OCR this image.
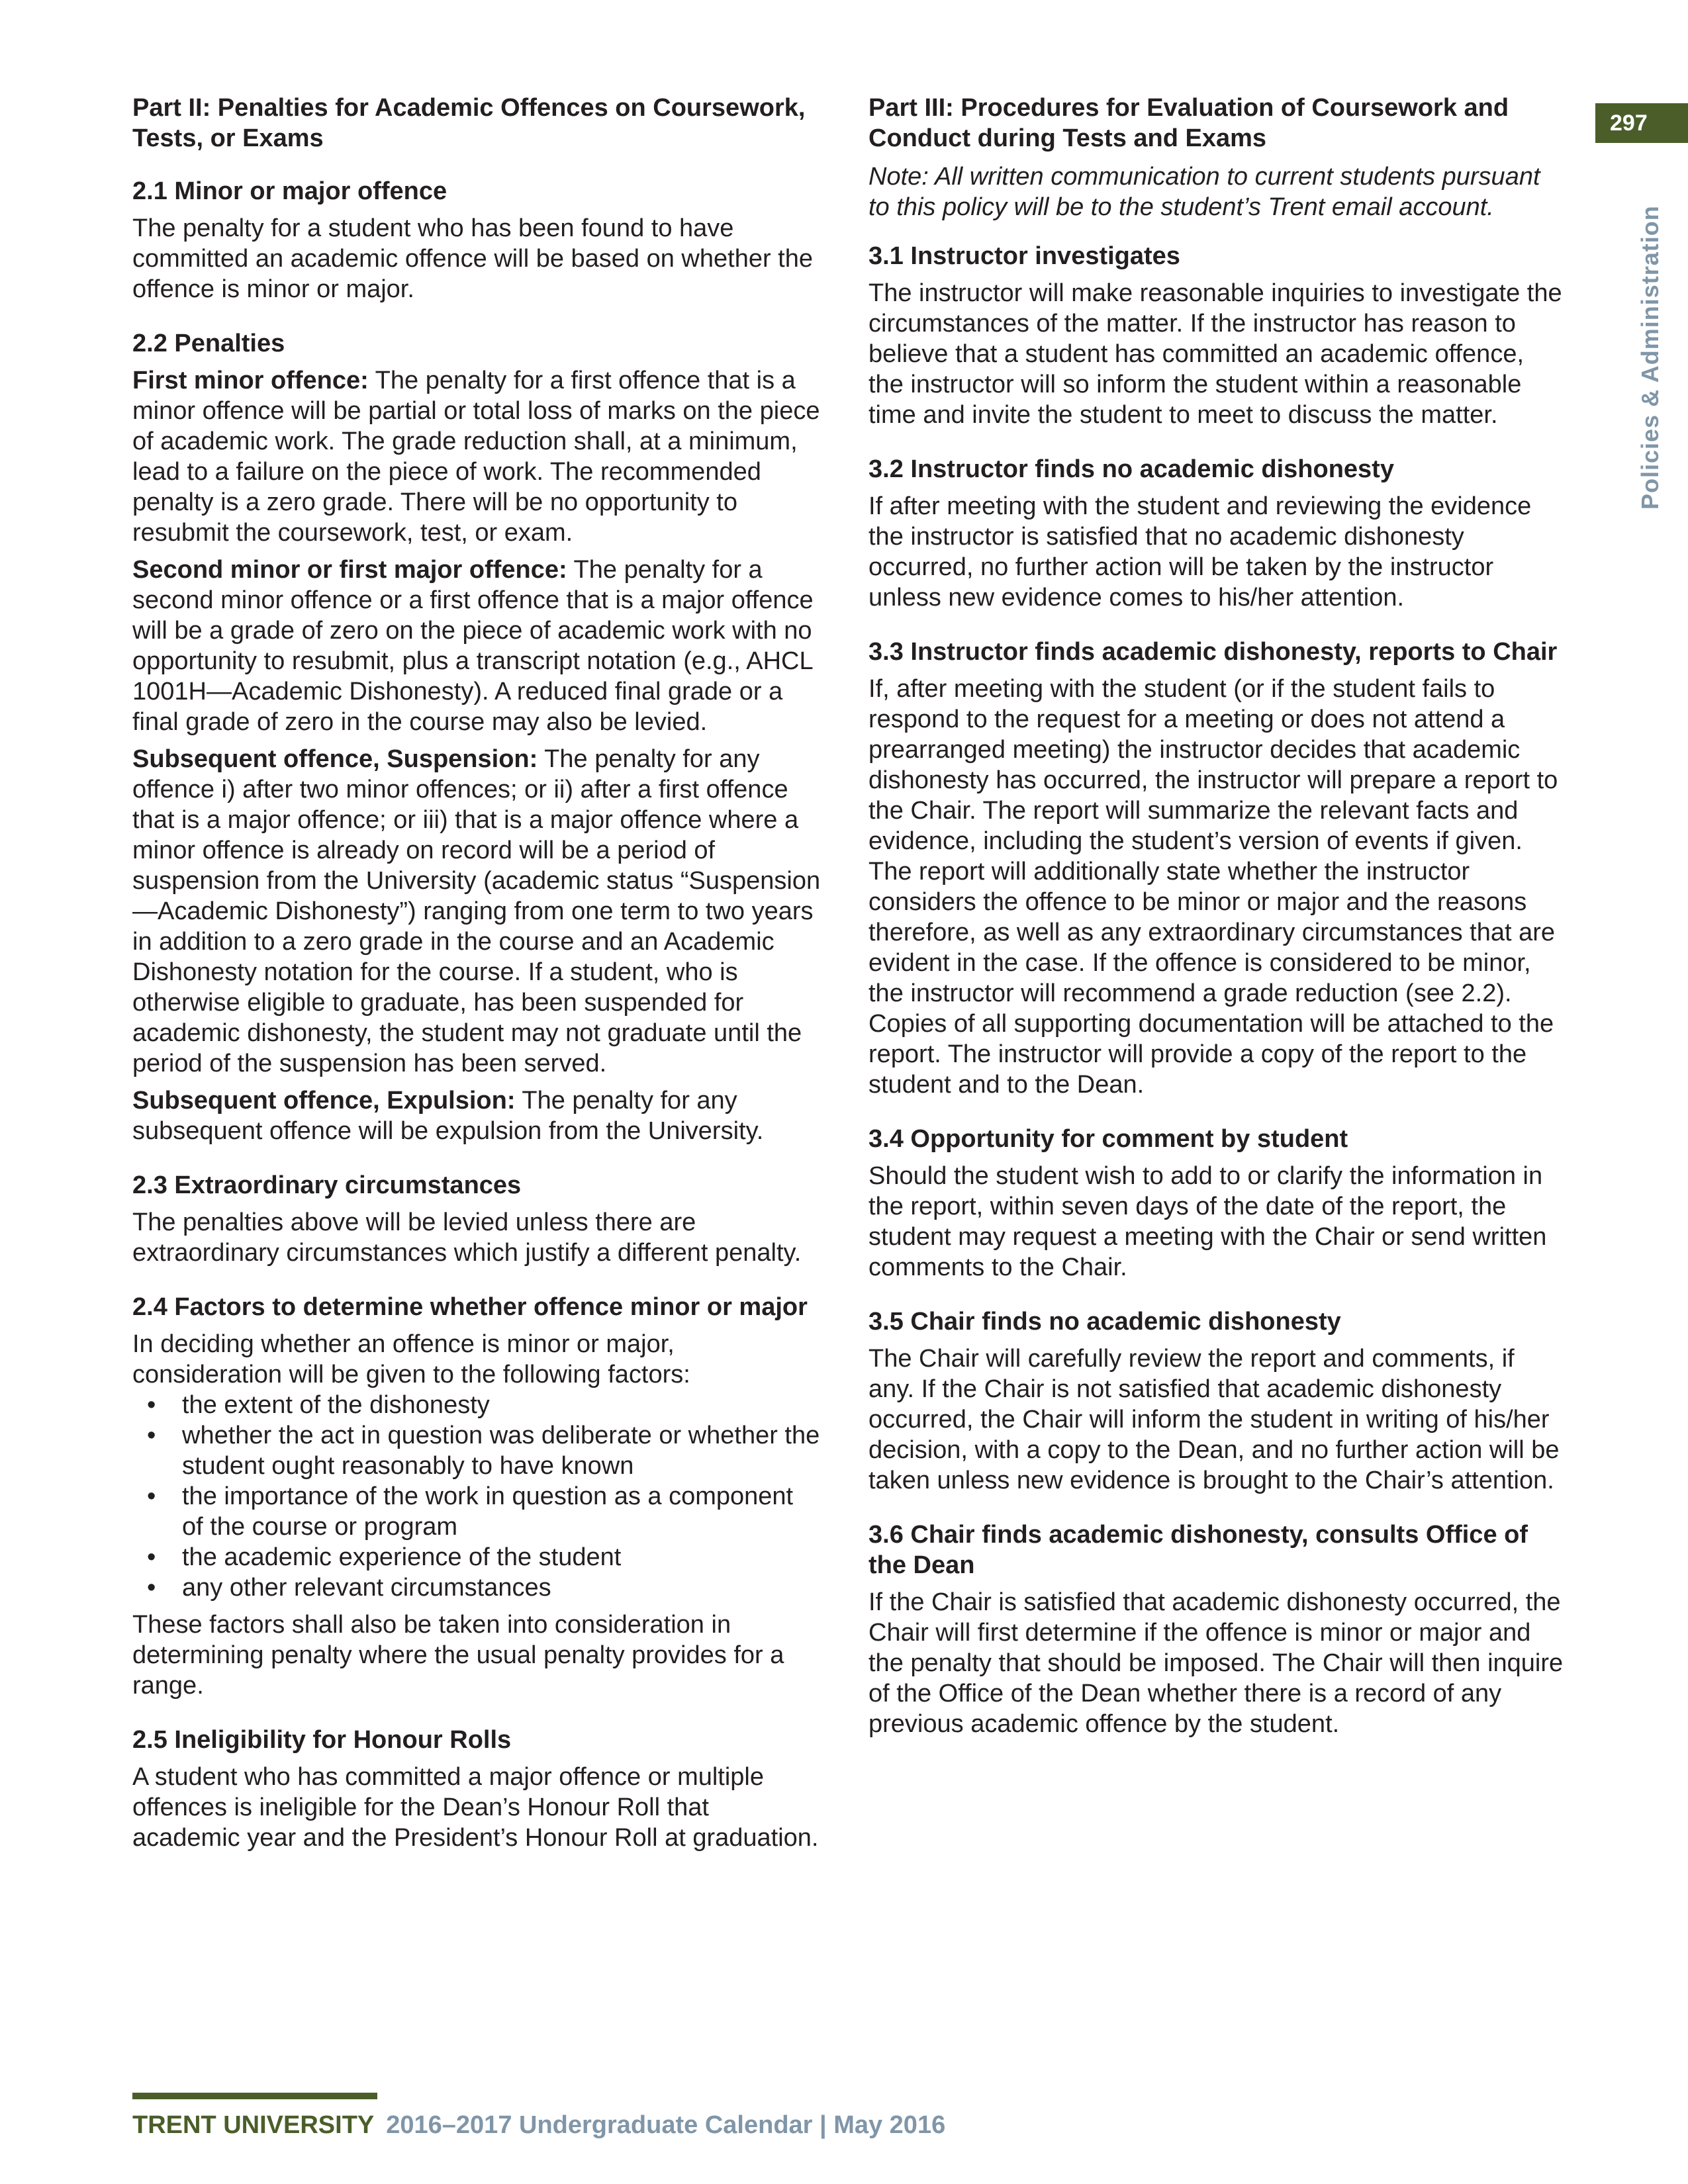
297
Policies & Administration
Part II: Penalties for Academic Offences on Coursework, Tests, or Exams
2.1 Minor or major offence
The penalty for a student who has been found to have committed an academic offence will be based on whether the offence is minor or major.
2.2 Penalties
First minor offence: The penalty for a first offence that is a minor offence will be partial or total loss of marks on the piece of academic work. The grade reduction shall, at a minimum, lead to a failure on the piece of work. The recommended penalty is a zero grade. There will be no opportunity to resubmit the coursework, test, or exam.
Second minor or first major offence: The penalty for a second minor offence or a first offence that is a major offence will be a grade of zero on the piece of academic work with no opportunity to resubmit, plus a transcript notation (e.g., AHCL 1001H—Academic Dishonesty). A reduced final grade or a final grade of zero in the course may also be levied.
Subsequent offence, Suspension: The penalty for any offence i) after two minor offences; or ii) after a first offence that is a major offence; or iii) that is a major offence where a minor offence is already on record will be a period of suspension from the University (academic status “Suspension—Academic Dishonesty”) ranging from one term to two years in addition to a zero grade in the course and an Academic Dishonesty notation for the course. If a student, who is otherwise eligible to graduate, has been suspended for academic dishonesty, the student may not graduate until the period of the suspension has been served.
Subsequent offence, Expulsion: The penalty for any subsequent offence will be expulsion from the University.
2.3 Extraordinary circumstances
The penalties above will be levied unless there are extraordinary circumstances which justify a different penalty.
2.4 Factors to determine whether offence minor or major
In deciding whether an offence is minor or major, consideration will be given to the following factors:
• the extent of the dishonesty
• whether the act in question was deliberate or whether the student ought reasonably to have known
• the importance of the work in question as a component of the course or program
• the academic experience of the student
• any other relevant circumstances
These factors shall also be taken into consideration in determining penalty where the usual penalty provides for a range.
2.5 Ineligibility for Honour Rolls
A student who has committed a major offence or multiple offences is ineligible for the Dean’s Honour Roll that academic year and the President’s Honour Roll at graduation.
Part III: Procedures for Evaluation of Coursework and Conduct during Tests and Exams
Note: All written communication to current students pursuant to this policy will be to the student’s Trent email account.
3.1 Instructor investigates
The instructor will make reasonable inquiries to investigate the circumstances of the matter. If the instructor has reason to believe that a student has committed an academic offence, the instructor will so inform the student within a reasonable time and invite the student to meet to discuss the matter.
3.2 Instructor finds no academic dishonesty
If after meeting with the student and reviewing the evidence the instructor is satisfied that no academic dishonesty occurred, no further action will be taken by the instructor unless new evidence comes to his/her attention.
3.3 Instructor finds academic dishonesty, reports to Chair
If, after meeting with the student (or if the student fails to respond to the request for a meeting or does not attend a prearranged meeting) the instructor decides that academic dishonesty has occurred, the instructor will prepare a report to the Chair. The report will summarize the relevant facts and evidence, including the student’s version of events if given. The report will additionally state whether the instructor considers the offence to be minor or major and the reasons therefore, as well as any extraordinary circumstances that are evident in the case. If the offence is considered to be minor, the instructor will recommend a grade reduction (see 2.2). Copies of all supporting documentation will be attached to the report. The instructor will provide a copy of the report to the student and to the Dean.
3.4 Opportunity for comment by student
Should the student wish to add to or clarify the information in the report, within seven days of the date of the report, the student may request a meeting with the Chair or send written comments to the Chair.
3.5 Chair finds no academic dishonesty
The Chair will carefully review the report and comments, if any. If the Chair is not satisfied that academic dishonesty occurred, the Chair will inform the student in writing of his/her decision, with a copy to the Dean, and no further action will be taken unless new evidence is brought to the Chair’s attention.
3.6 Chair finds academic dishonesty, consults Office of the Dean
If the Chair is satisfied that academic dishonesty occurred, the Chair will first determine if the offence is minor or major and the penalty that should be imposed. The Chair will then inquire of the Office of the Dean whether there is a record of any previous academic offence by the student.
TRENT UNIVERSITY 2016–2017 Undergraduate Calendar | May 2016
